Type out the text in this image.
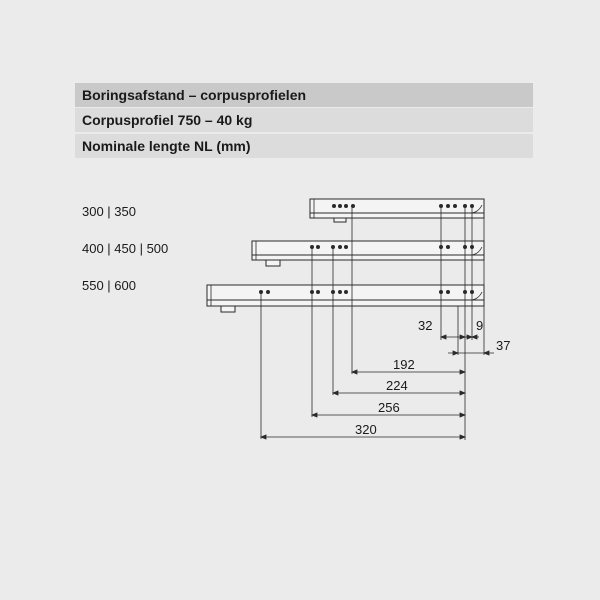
Boringsafstand – corpusprofielen
Corpusprofiel 750 – 40 kg
Nominale lengte NL (mm)
300 | 350
400 | 450 | 500
550 | 600
32	9
37
192
224
256
320
